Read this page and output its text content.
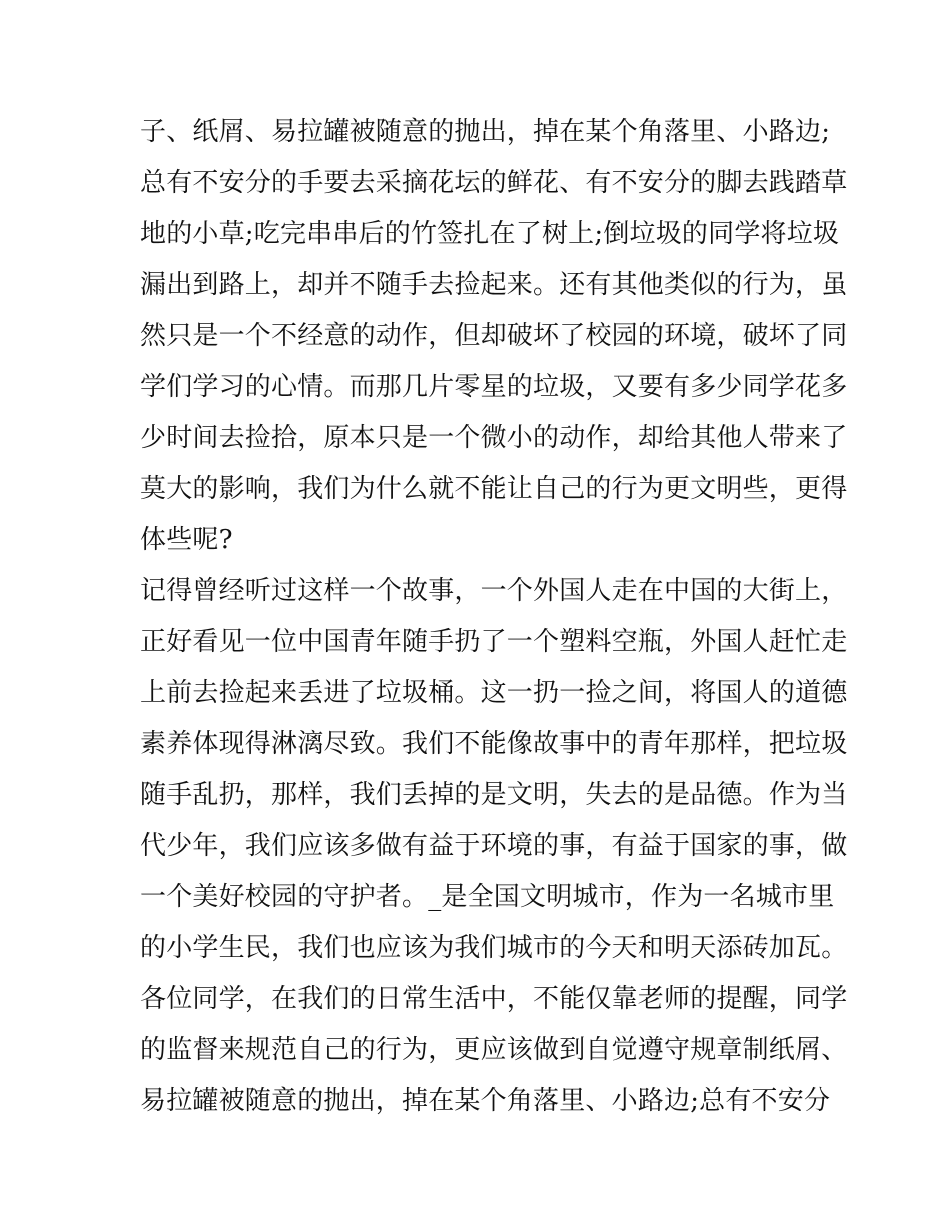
子、纸屑、易拉罐被随意的抛出，掉在某个角落里、小路边;
总有不安分的手要去采摘花坛的鲜花、有不安分的脚去践踏草
地的小草;吃完串串后的竹签扎在了树上;倒垃圾的同学将垃圾
漏出到路上，却并不随手去捡起来。还有其他类似的行为，虽
然只是一个不经意的动作，但却破坏了校园的环境，破坏了同
学们学习的心情。而那几片零星的垃圾，又要有多少同学花多
少时间去捡拾，原本只是一个微小的动作，却给其他人带来了
莫大的影响，我们为什么就不能让自己的行为更文明些，更得
体些呢?
记得曾经听过这样一个故事，一个外国人走在中国的大街上，
正好看见一位中国青年随手扔了一个塑料空瓶，外国人赶忙走
上前去捡起来丢进了垃圾桶。这一扔一捡之间，将国人的道德
素养体现得淋漓尽致。我们不能像故事中的青年那样，把垃圾
随手乱扔，那样，我们丢掉的是文明，失去的是品德。作为当
代少年，我们应该多做有益于环境的事，有益于国家的事，做
一个美好校园的守护者。_是全国文明城市，作为一名城市里
的小学生民，我们也应该为我们城市的今天和明天添砖加瓦。
各位同学，在我们的日常生活中，不能仅靠老师的提醒，同学
的监督来规范自己的行为，更应该做到自觉遵守规章制纸屑、
易拉罐被随意的抛出，掉在某个角落里、小路边;总有不安分
